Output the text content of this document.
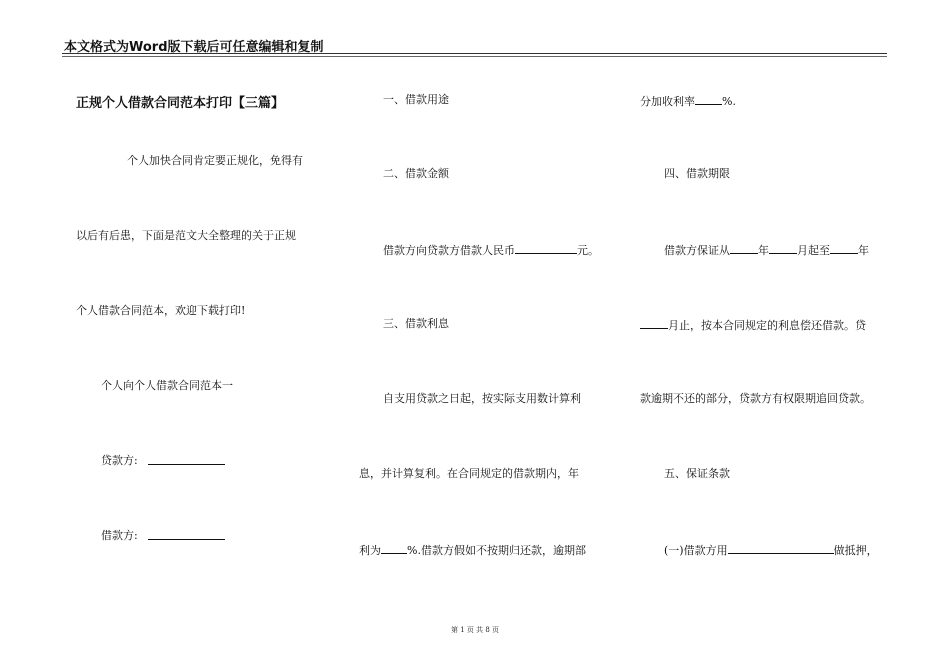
本文格式为Word版下载后可任意编辑和复制
正规个人借款合同范本打印【三篇】
个人加快合同肯定要正规化，免得有
以后有后患，下面是范文大全整理的关于正规
个人借款合同范本，欢迎下载打印!
个人向个人借款合同范本一
贷款方:
借款方:
一、借款用途
二、借款金额
借款方向贷款方借款人民币	元。
三、借款利息
自支用贷款之日起，按实际支用数计算利
息，并计算复利。在合同规定的借款期内，年
利为 %.借款方假如不按期归还款，逾期部
分加收利率 %.
四、借款期限
借款方保证从	年	月起至	年
月止，按本合同规定的利息偿还借款。贷
款逾期不还的部分，贷款方有权限期追回贷款。
五、保证条款
(一)借款方用	做抵押，
第 1 页 共 8 页
